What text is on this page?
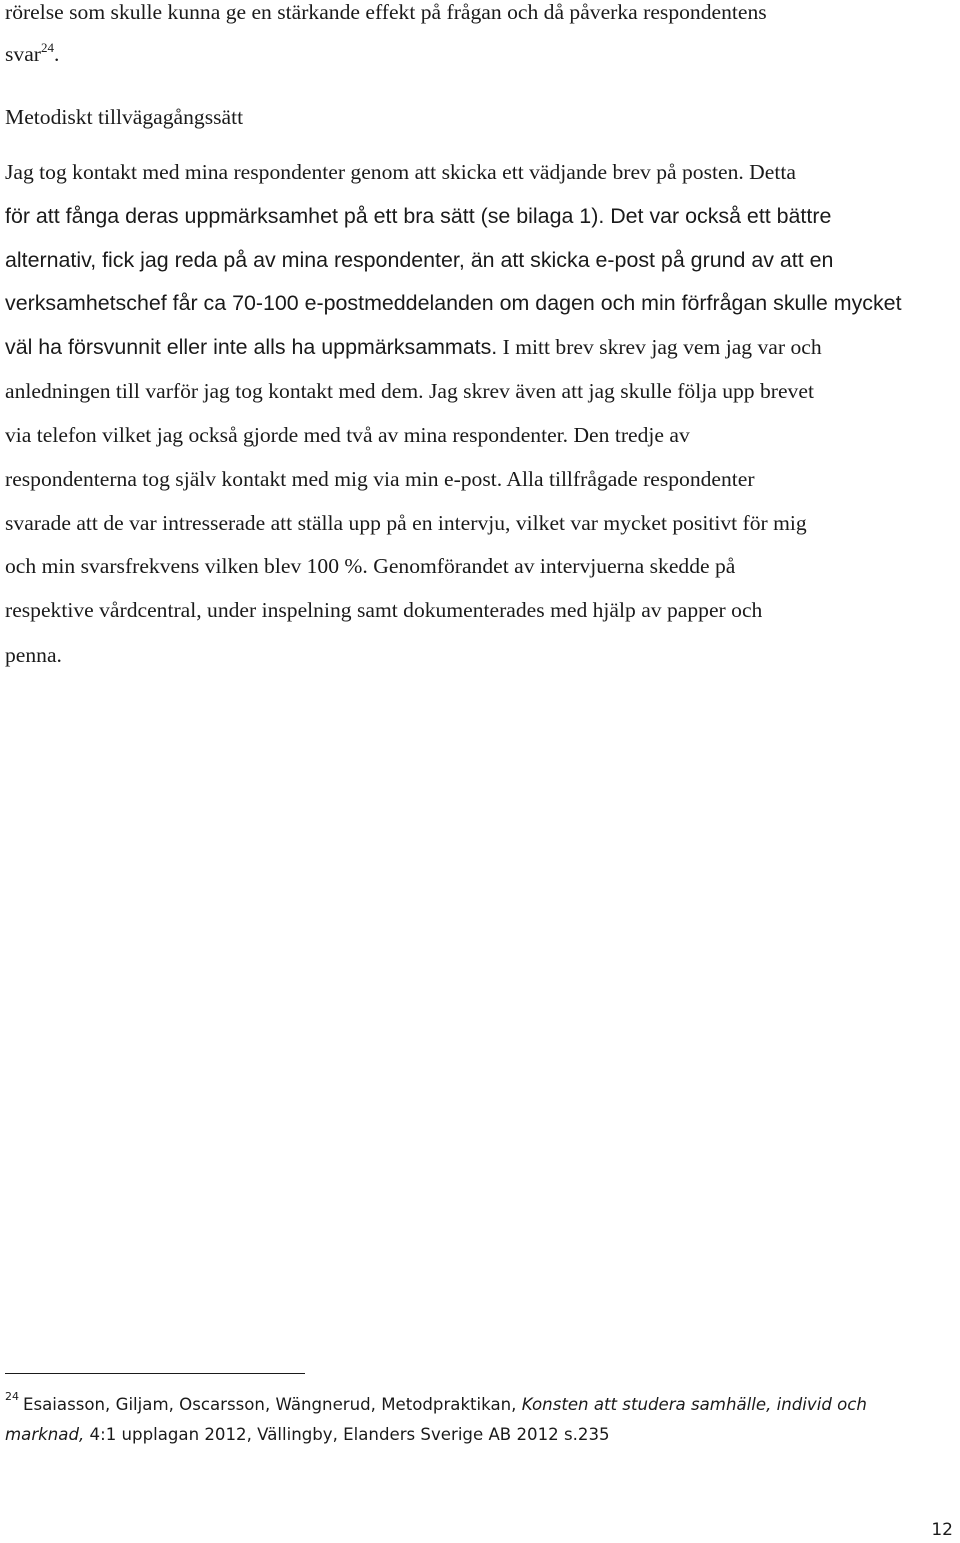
rörelse som skulle kunna ge en stärkande effekt på frågan och då påverka respondentens
svar$^{24}$.
Metodiskt tillvägagångssätt
Jag tog kontakt med mina respondenter genom att skicka ett vädjande brev på posten. Detta
för att fånga deras uppmärksamhet på ett bra sätt (se bilaga 1). Det var också ett bättre
alternativ, fick jag reda på av mina respondenter, än att skicka e-post på grund av att en
verksamhetschef får ca 70-100 e-postmeddelanden om dagen och min förfrågan skulle mycket
väl ha försvunnit eller inte alls ha uppmärksammats. I mitt brev skrev jag vem jag var och
anledningen till varför jag tog kontakt med dem. Jag skrev även att jag skulle följa upp brevet
via telefon vilket jag också gjorde med två av mina respondenter. Den tredje av
respondenterna tog själv kontakt med mig via min e-post. Alla tillfrågade respondenter
svarade att de var intresserade att ställa upp på en intervju, vilket var mycket positivt för mig
och min svarsfrekvens vilken blev 100 %. Genomförandet av intervjuerna skedde på
respektive vårdcentral, under inspelning samt dokumenterades med hjälp av papper och
penna.
$^{24}$ Esaiasson, Giljam, Oscarsson, Wängnerud, Metodpraktikan, Konsten att studera samhälle, individ och
marknad, 4:1 upplagan 2012, Vällingby, Elanders Sverige AB 2012 s.235
12
